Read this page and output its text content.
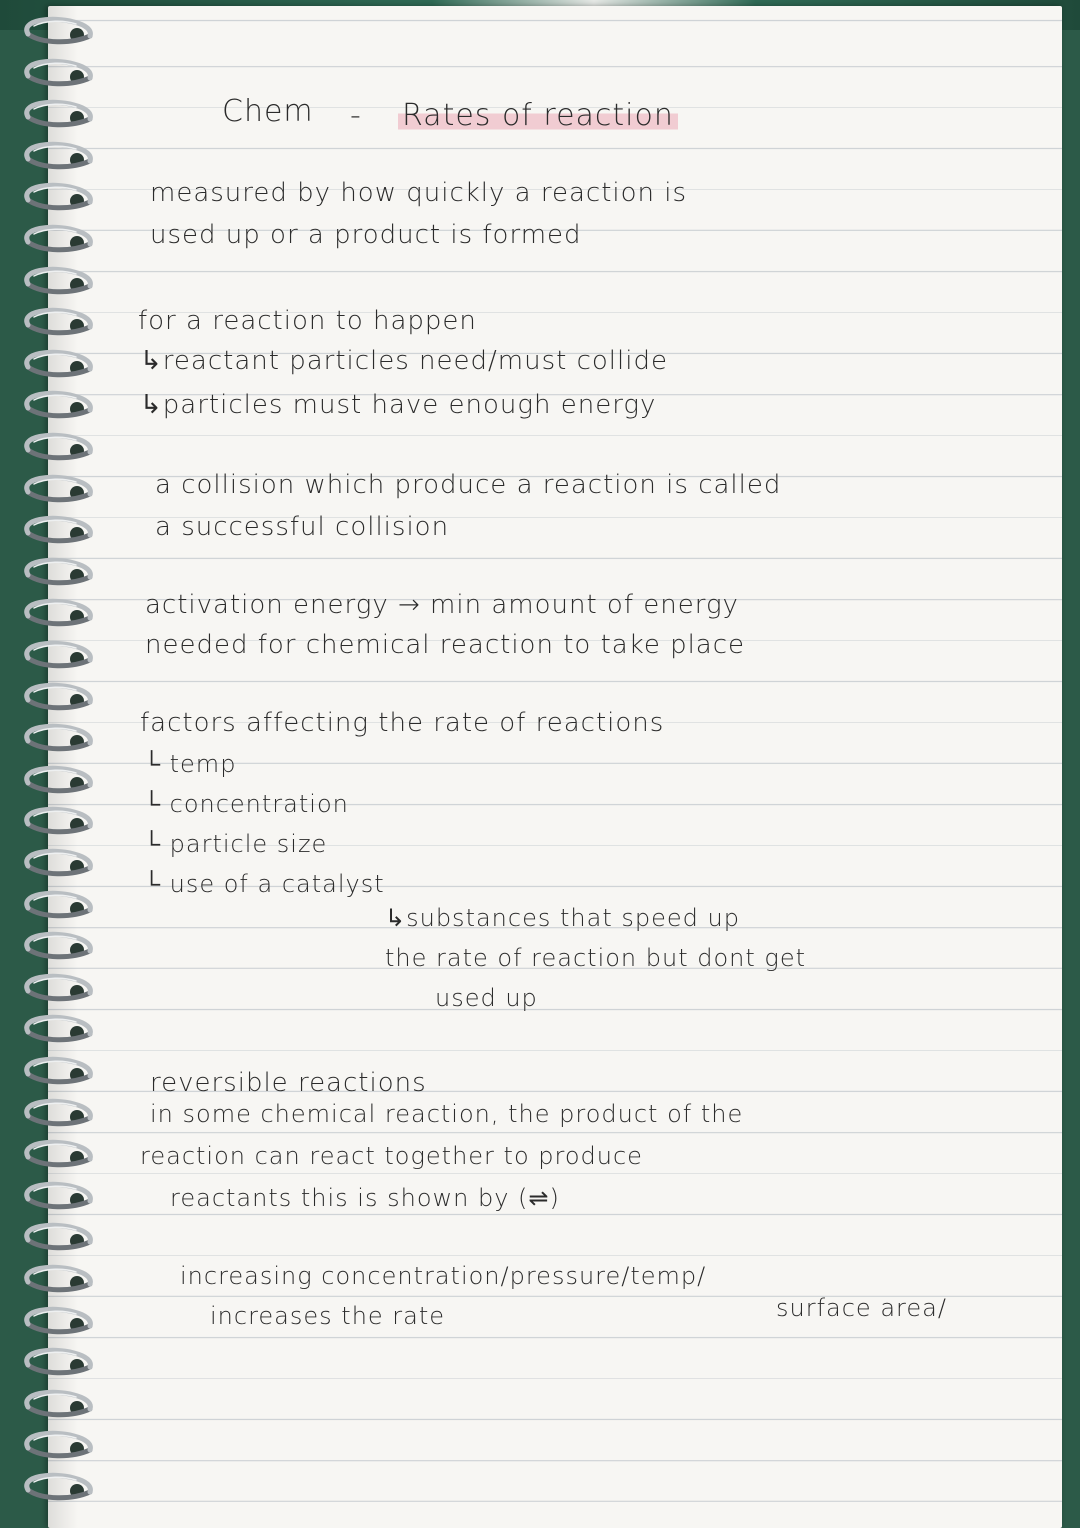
Chem - Rates of reaction

measured by how quickly a reaction is

used up or a product is formed

for a reaction to happen

↳reactant particles need/must collide

↳particles must have enough energy

a collision which produce a reaction is called

a successful collision

activation energy → min amount of energy

needed for chemical reaction to take place

factors affecting the rate of reactions

└ temp

└ concentration

└ particle size

└ use of a catalyst

↳substances that speed up

the rate of reaction but dont get

used up

reversible reactions

in some chemical reaction, the product of the

reaction can react together to produce

reactants this is shown by (⇌)

increasing concentration/pressure/temp/

increases the rate	surface area/
